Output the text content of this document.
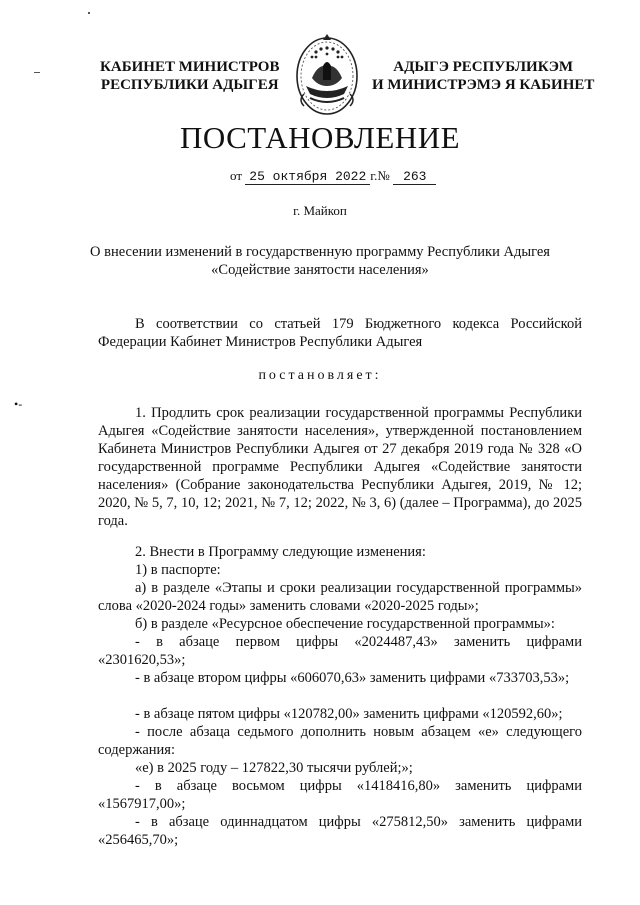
•-
КАБИНЕТ МИНИСТРОВ
РЕСПУБЛИКИ АДЫГЕЯ
АДЫГЭ РЕСПУБЛИКЭМ
И МИНИСТРЭМЭ Я КАБИНЕТ
ПОСТАНОВЛЕНИЕ
от 25 октября 2022 г.№ 263
г. Майкоп
О внесении изменений в государственную программу Республики Адыгея
«Содействие занятости населения»
В соответствии со статьей 179 Бюджетного кодекса Российской Федерации Кабинет Министров Республики Адыгея
постановляет:
1. Продлить срок реализации государственной программы Республики Адыгея «Содействие занятости населения», утвержденной постановлением Кабинета Министров Республики Адыгея от 27 декабря 2019 года № 328 «О государственной программе Республики Адыгея «Содействие занятости населения» (Собрание законодательства Республики Адыгея, 2019, № 12; 2020, № 5, 7, 10, 12; 2021, № 7, 12; 2022, № 3, 6) (далее – Программа), до 2025 года.
2. Внести в Программу следующие изменения:
1) в паспорте:
а) в разделе «Этапы и сроки реализации государственной программы» слова «2020-2024 годы» заменить словами «2020-2025 годы»;
б) в разделе «Ресурсное обеспечение государственной программы»:
- в абзаце первом цифры «2024487,43» заменить цифрами «2301620,53»;
- в абзаце втором цифры «606070,63» заменить цифрами «733703,53»;
- в абзаце пятом цифры «120782,00» заменить цифрами «120592,60»;
- после абзаца седьмого дополнить новым абзацем «е» следующего содержания:
«е) в 2025 году – 127822,30 тысячи рублей;»;
- в абзаце восьмом цифры «1418416,80» заменить цифрами «1567917,00»;
- в абзаце одиннадцатом цифры «275812,50» заменить цифрами «256465,70»;
